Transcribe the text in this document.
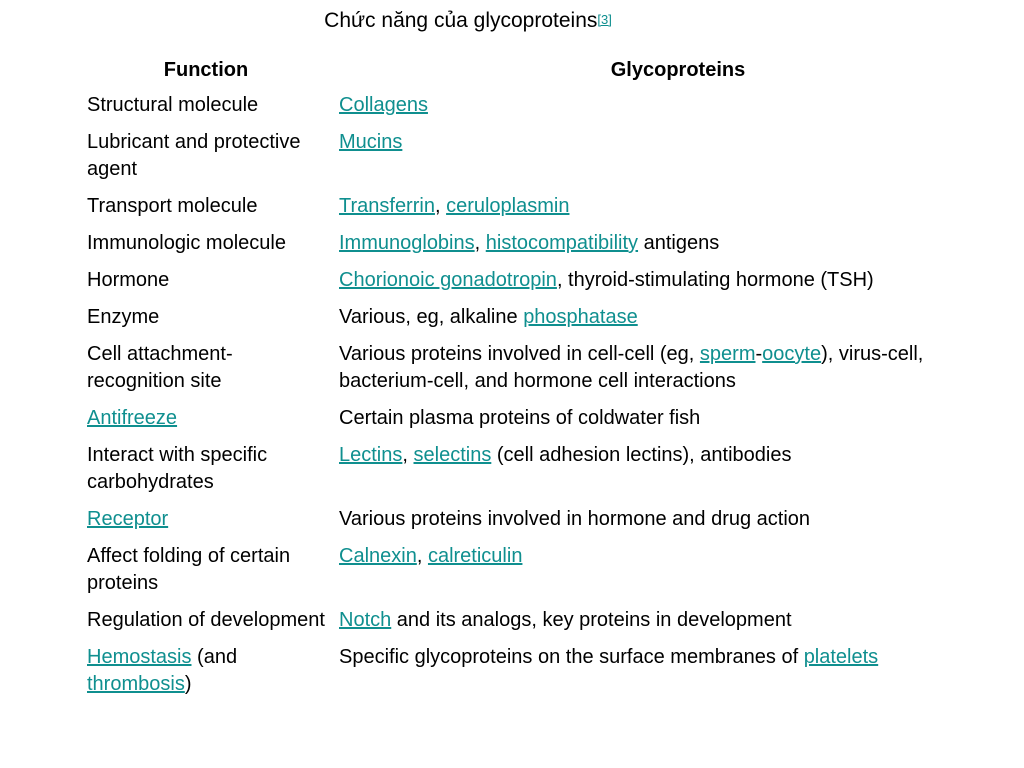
Chức năng của glycoproteins[3]
Function	Glycoproteins
Structural molecule	Collagens
Lubricant and protective agent	Mucins
Transport molecule	Transferrin, ceruloplasmin
Immunologic molecule	Immunoglobins, histocompatibility antigens
Hormone	Chorionoic gonadotropin, thyroid-stimulating hormone (TSH)
Enzyme	Various, eg, alkaline phosphatase
Cell attachment-recognition site	Various proteins involved in cell-cell (eg, sperm-oocyte), virus-cell, bacterium-cell, and hormone cell interactions
Antifreeze	Certain plasma proteins of coldwater fish
Interact with specific carbohydrates	Lectins, selectins (cell adhesion lectins), antibodies
Receptor	Various proteins involved in hormone and drug action
Affect folding of certain proteins	Calnexin, calreticulin
Regulation of development	Notch and its analogs, key proteins in development
Hemostasis (and thrombosis)	Specific glycoproteins on the surface membranes of platelets
